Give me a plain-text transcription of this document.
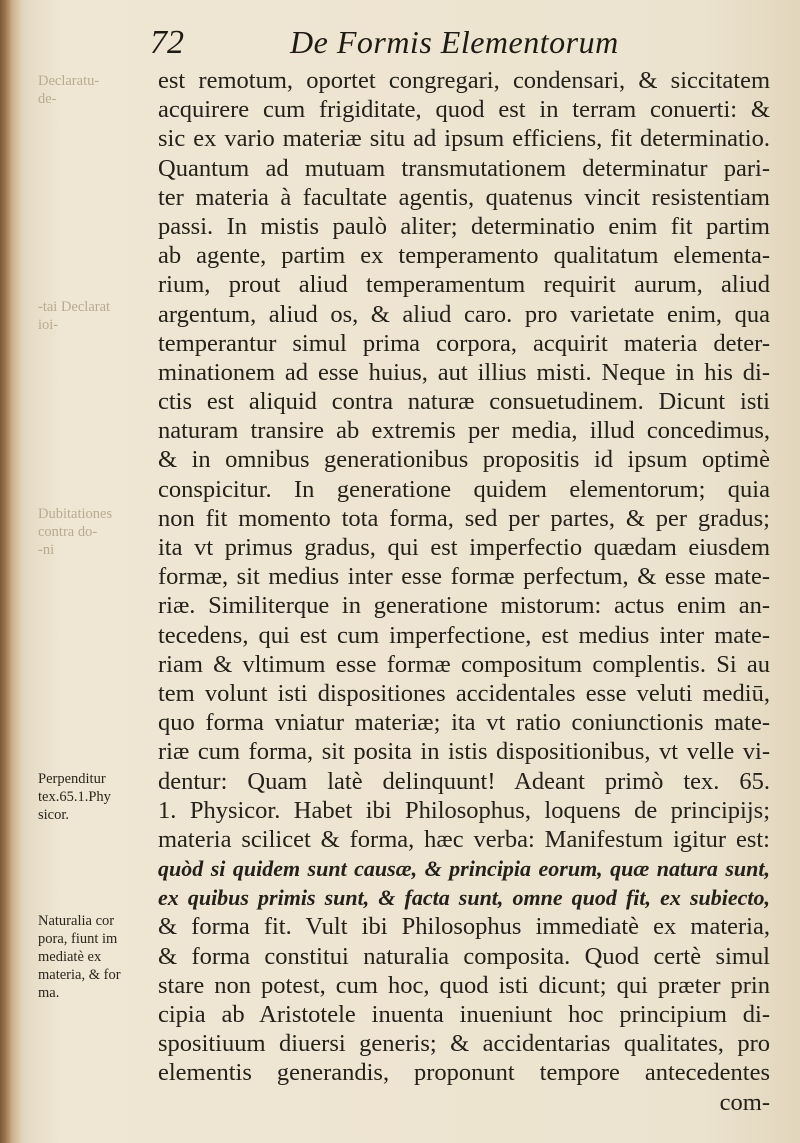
72	De Formis Elementorum
est remotum, oportet congregari, condensari, & siccitatem
acquirere cum frigiditate, quod est in terram conuerti: &
sic ex vario materiæ situ ad ipsum efficiens, fit determinatio.
Quantum ad mutuam transmutationem determinatur pari-
ter materia à facultate agentis, quatenus vincit resistentiam
passi. In mistis paulò aliter; determinatio enim fit partim
ab agente, partim ex temperamento qualitatum elementa-
rium, prout aliud temperamentum requirit aurum, aliud
argentum, aliud os, & aliud caro. pro varietate enim, qua
temperantur simul prima corpora, acquirit materia deter-
minationem ad esse huius, aut illius misti. Neque in his di-
ctis est aliquid contra naturæ consuetudinem. Dicunt isti
naturam transire ab extremis per media, illud concedimus,
& in omnibus generationibus propositis id ipsum optimè
conspicitur. In generatione quidem elementorum; quia
non fit momento tota forma, sed per partes, & per gradus;
ita vt primus gradus, qui est imperfectio quædam eiusdem
formæ, sit medius inter esse formæ perfectum, & esse mate-
riæ. Similiterque in generatione mistorum: actus enim an-
tecedens, qui est cum imperfectione, est medius inter mate-
riam & vltimum esse formæ compositum complentis. Si au
tem volunt isti dispositiones accidentales esse veluti mediū,
quo forma vniatur materiæ; ita vt ratio coniunctionis mate-
riæ cum forma, sit posita in istis dispositionibus, vt velle vi-
dentur: Quam latè delinquunt! Adeant primò tex. 65.
1. Physicor. Habet ibi Philosophus, loquens de principijs;
materia scilicet & forma, hæc verba: Manifestum igitur est:
quòd si quidem sunt causæ, & principia eorum, quæ natura sunt,
ex quibus primis sunt, & facta sunt, omne quod fit, ex subiecto,
& forma fit. Vult ibi Philosophus immediatè ex materia,
& forma constitui naturalia composita. Quod certè simul
stare non potest, cum hoc, quod isti dicunt; qui præter prin
cipia ab Aristotele inuenta inueniunt hoc principium di-
spositiuum diuersi generis; & accidentarias qualitates, pro
elementis generandis, proponunt tempore antecedentes
com-
Declaratu-
de-
-tai Declarat
ioi-
Dubitationes
contra do-
-ni
Perpenditur
tex.65.1.Phy
sicor.
Naturalia cor
pora, fiunt im
mediatè ex
materia, & for
ma.
